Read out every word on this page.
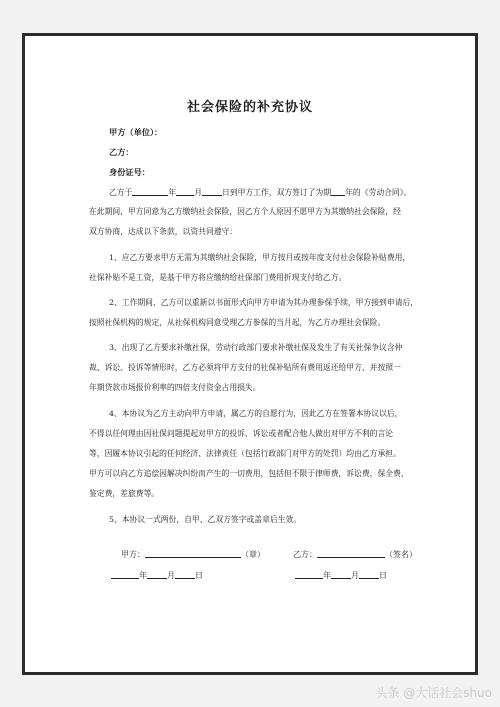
社会保险的补充协议
甲方（单位）：
乙方：
身份证号：
乙方于	年 月	日到甲方工作，双方签订了为期 年的《劳动合同》。
在此期间，甲方同意为乙方缴纳社会保险，因乙方个人原因不愿甲方为其缴纳社会保险，经
双方协商，达成以下条款，以资共同遵守：
1、应乙方要求甲方无需为其缴纳社会保险，甲方按月或按年度支付社会保险补贴费用，
社保补贴不是工资，是基于甲方将应缴纳给社保部门费用折现支付给乙方。
2、工作期间，乙方可以重新以书面形式向甲方申请为其办理参保手续，甲方接到申请后，
按照社保机构的规定，从社保机构同意受理乙方参保的当月起，为乙方办理社会保险。
3、出现了乙方要求补缴社保，劳动行政部门要求补缴社保及发生了有关社保争议含仲
裁、诉讼、投诉等情形时，乙方必须将甲方支付的社保补贴所有费用返还给甲方，并按照一
年期贷款市场报价利率的四倍支付资金占用损失。
4、本协议为乙方主动向甲方申请，属乙方的自愿行为，因此乙方在签署本协议以后，
不得以任何理由因社保问题提起对甲方的投诉、诉讼或者配合他人做出对甲方不利的言论
等，因履本协议引起的任何经济、法律责任（包括行政部门对甲方的处罚）均由乙方承担。
甲方可以向乙方追偿因解决纠纷而产生的一切费用，包括但不限于律师费，诉讼费，保全费，
鉴定费，差旅费等。
5、本协议一式两份，自甲、乙双方签字或盖章后生效。
甲方：	（章）	乙方：	（签名）
年	月	日	年	月	日
头条 @大话社会shuo
